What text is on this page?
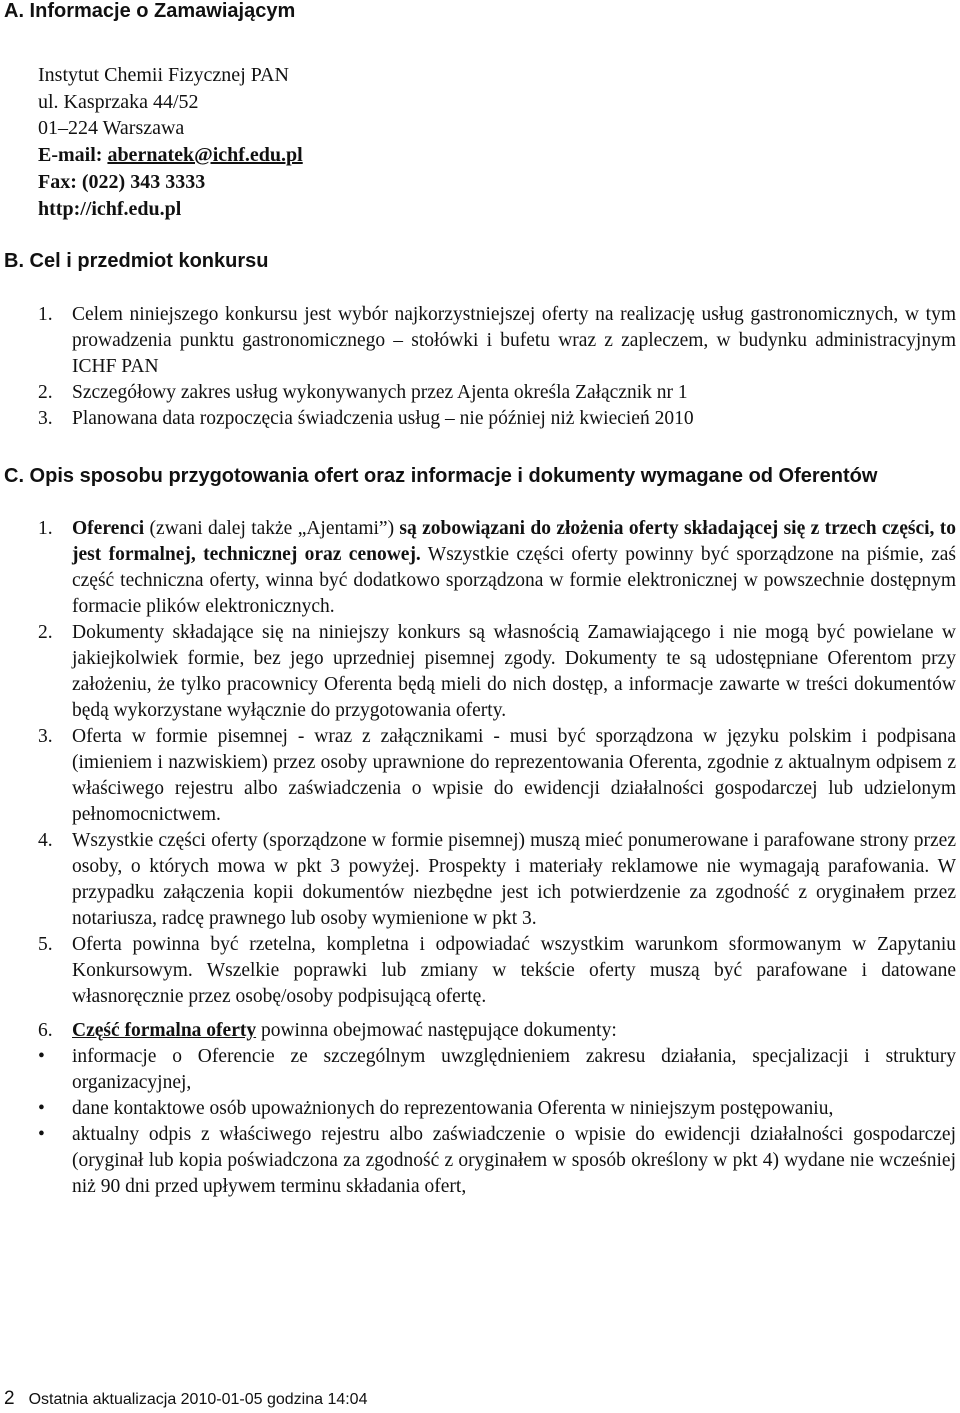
A. Informacje o Zamawiającym
Instytut Chemii Fizycznej PAN
ul. Kasprzaka 44/52
01–224 Warszawa
E-mail: abernatek@ichf.edu.pl
Fax: (022) 343 3333
http://ichf.edu.pl
B. Cel i przedmiot konkursu
1. Celem niniejszego konkursu jest wybór najkorzystniejszej oferty na realizację usług gastronomicznych, w tym prowadzenia punktu gastronomicznego – stołówki i bufetu wraz z zapleczem, w budynku administracyjnym ICHF PAN
2. Szczegółowy zakres usług wykonywanych przez Ajenta określa Załącznik nr 1
3. Planowana data rozpoczęcia świadczenia usług – nie później niż kwiecień 2010
C. Opis sposobu przygotowania ofert oraz informacje i dokumenty wymagane od Oferentów
1. Oferenci (zwani dalej także „Ajentami”) są zobowiązani do złożenia oferty składającej się z trzech części, to jest formalnej, technicznej oraz cenowej. Wszystkie części oferty powinny być sporządzone na piśmie, zaś część techniczna oferty, winna być dodatkowo sporządzona w formie elektronicznej w powszechnie dostępnym formacie plików elektronicznych.
2. Dokumenty składające się na niniejszy konkurs są własnością Zamawiającego i nie mogą być powielane w jakiejkolwiek formie, bez jego uprzedniej pisemnej zgody. Dokumenty te są udostępniane Oferentom przy założeniu, że tylko pracownicy Oferenta będą mieli do nich dostęp, a informacje zawarte w treści dokumentów będą wykorzystane wyłącznie do przygotowania oferty.
3. Oferta w formie pisemnej - wraz z załącznikami - musi być sporządzona w języku polskim i podpisana (imieniem i nazwiskiem) przez osoby uprawnione do reprezentowania Oferenta, zgodnie z aktualnym odpisem z właściwego rejestru albo zaświadczenia o wpisie do ewidencji działalności gospodarczej lub udzielonym pełnomocnictwem.
4. Wszystkie części oferty (sporządzone w formie pisemnej) muszą mieć ponumerowane i parafowane strony przez osoby, o których mowa w pkt 3 powyżej. Prospekty i materiały reklamowe nie wymagają parafowania. W przypadku załączenia kopii dokumentów niezbędne jest ich potwierdzenie za zgodność z oryginałem przez notariusza, radcę prawnego lub osoby wymienione w pkt 3.
5. Oferta powinna być rzetelna, kompletna i odpowiadać wszystkim warunkom sformowanym w Zapytaniu Konkursowym. Wszelkie poprawki lub zmiany w tekście oferty muszą być parafowane i datowane własnoręcznie przez osobę/osoby podpisującą ofertę.
6. Część formalna oferty powinna obejmować następujące dokumenty:
• informacje o Oferencie ze szczególnym uwzględnieniem zakresu działania, specjalizacji i struktury organizacyjnej,
• dane kontaktowe osób upoważnionych do reprezentowania Oferenta w niniejszym postępowaniu,
• aktualny odpis z właściwego rejestru albo zaświadczenie o wpisie do ewidencji działalności gospodarczej (oryginał lub kopia poświadczona za zgodność z oryginałem w sposób określony w pkt 4) wydane nie wcześniej niż 90 dni przed upływem terminu składania ofert,
2 Ostatnia aktualizacja 2010-01-05 godzina 14:04
